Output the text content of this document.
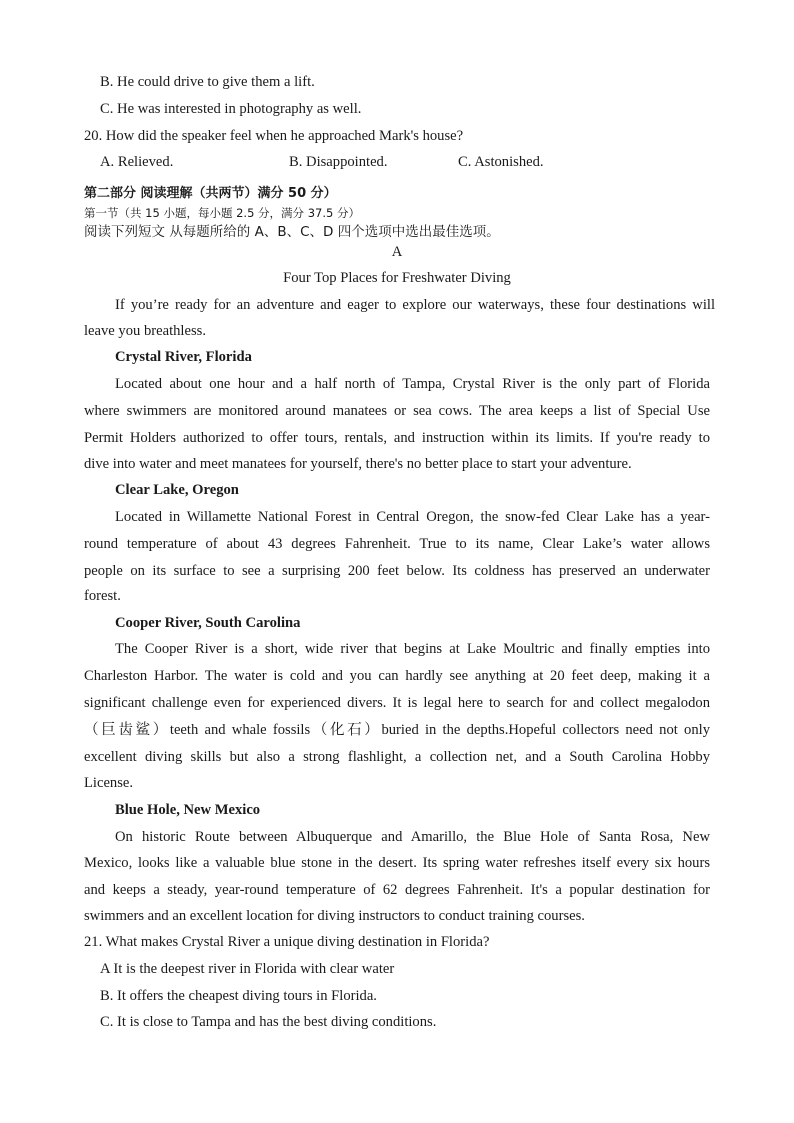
B. He could drive to give them a lift.
C. He was interested in photography as well.
20. How did the speaker feel when he approached Mark's house?
A. Relieved.	B. Disappointed.	C. Astonished.
第二部分 阅读理解（共两节）满分 50 分）
第一节（共 15 小题，每小题 2.5 分，满分 37.5 分）
阅读下列短文 从每题所给的 A、B、C、D 四个选项中选出最佳选项。
A
Four Top Places for Freshwater Diving
If you’re ready for an adventure and eager to explore our waterways, these four destinations will
leave you breathless.
Crystal River, Florida
Located about one hour and a half north of Tampa, Crystal River is the only part of Florida
where swimmers are monitored around manatees or sea cows. The area keeps a list of Special Use
Permit Holders authorized to offer tours, rentals, and instruction within its limits. If you're ready to
dive into water and meet manatees for yourself, there's no better place to start your adventure.
Clear Lake, Oregon
Located in Willamette National Forest in Central Oregon, the snow-fed Clear Lake has a year-
round temperature of about 43 degrees Fahrenheit. True to its name, Clear Lake’s water allows
people on its surface to see a surprising 200 feet below. Its coldness has preserved an underwater
forest.
Cooper River, South Carolina
The Cooper River is a short, wide river that begins at Lake Moultric and finally empties into
Charleston Harbor. The water is cold and you can hardly see anything at 20 feet deep, making it a
significant challenge even for experienced divers. It is legal here to search for and collect megalodon
（巨齿鲨）teeth and whale fossils（化石）buried in the depths.Hopeful collectors need not only
excellent diving skills but also a strong flashlight, a collection net, and a South Carolina Hobby
License.
Blue Hole, New Mexico
On historic Route between Albuquerque and Amarillo, the Blue Hole of Santa Rosa, New
Mexico, looks like a valuable blue stone in the desert. Its spring water refreshes itself every six hours
and keeps a steady, year-round temperature of 62 degrees Fahrenheit. It's a popular destination for
swimmers and an excellent location for diving instructors to conduct training courses.
21. What makes Crystal River a unique diving destination in Florida?
A It is the deepest river in Florida with clear water
B. It offers the cheapest diving tours in Florida.
C. It is close to Tampa and has the best diving conditions.
